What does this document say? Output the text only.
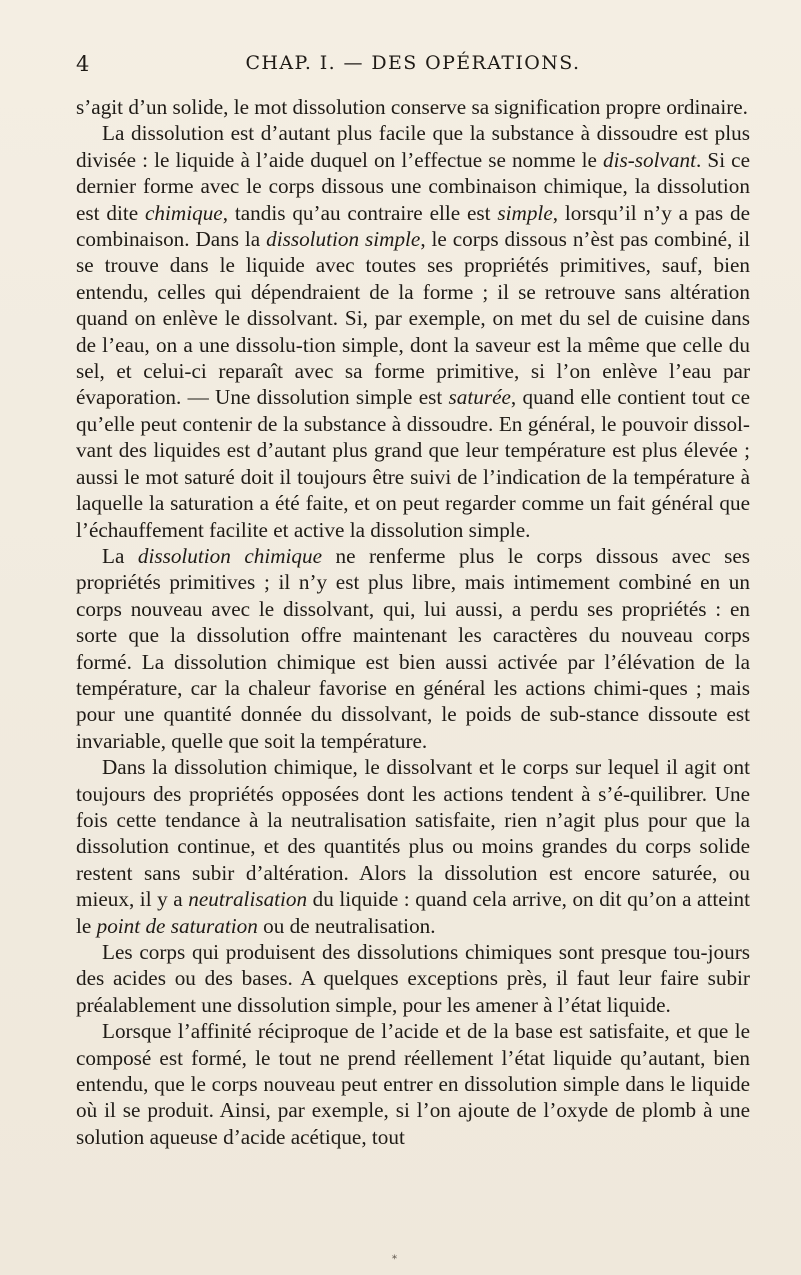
4	CHAP. I. — DES OPÉRATIONS.

s’agit d’un solide, le mot dissolution conserve sa signification propre ordinaire.

La dissolution est d’autant plus facile que la substance à dissoudre est plus divisée : le liquide à l’aide duquel on l’effectue se nomme le dis-solvant. Si ce dernier forme avec le corps dissous une combinaison chimique, la dissolution est dite chimique, tandis qu’au contraire elle est simple, lorsqu’il n’y a pas de combinaison. Dans la dissolution simple, le corps dissous n’èst pas combiné, il se trouve dans le liquide avec toutes ses propriétés primitives, sauf, bien entendu, celles qui dépendraient de la forme ; il se retrouve sans altération quand on enlève le dissolvant. Si, par exemple, on met du sel de cuisine dans de l’eau, on a une dissolu-tion simple, dont la saveur est la même que celle du sel, et celui-ci reparaît avec sa forme primitive, si l’on enlève l’eau par évaporation. — Une dissolution simple est saturée, quand elle contient tout ce qu’elle peut contenir de la substance à dissoudre. En général, le pouvoir dissol-vant des liquides est d’autant plus grand que leur température est plus élevée ; aussi le mot saturé doit il toujours être suivi de l’indication de la température à laquelle la saturation a été faite, et on peut regarder comme un fait général que l’échauffement facilite et active la dissolution simple.

La dissolution chimique ne renferme plus le corps dissous avec ses propriétés primitives ; il n’y est plus libre, mais intimement combiné en un corps nouveau avec le dissolvant, qui, lui aussi, a perdu ses propriétés : en sorte que la dissolution offre maintenant les caractères du nouveau corps formé. La dissolution chimique est bien aussi activée par l’élévation de la température, car la chaleur favorise en général les actions chimi-ques ; mais pour une quantité donnée du dissolvant, le poids de sub-stance dissoute est invariable, quelle que soit la température.

Dans la dissolution chimique, le dissolvant et le corps sur lequel il agit ont toujours des propriétés opposées dont les actions tendent à s’é-quilibrer. Une fois cette tendance à la neutralisation satisfaite, rien n’agit plus pour que la dissolution continue, et des quantités plus ou moins grandes du corps solide restent sans subir d’altération. Alors la dissolution est encore saturée, ou mieux, il y a neutralisation du liquide : quand cela arrive, on dit qu’on a atteint le point de saturation ou de neutralisation.

Les corps qui produisent des dissolutions chimiques sont presque tou-jours des acides ou des bases. A quelques exceptions près, il faut leur faire subir préalablement une dissolution simple, pour les amener à l’état liquide.

Lorsque l’affinité réciproque de l’acide et de la base est satisfaite, et que le composé est formé, le tout ne prend réellement l’état liquide qu’autant, bien entendu, que le corps nouveau peut entrer en dissolution simple dans le liquide où il se produit. Ainsi, par exemple, si l’on ajoute de l’oxyde de plomb à une solution aqueuse d’acide acétique, tout

*
